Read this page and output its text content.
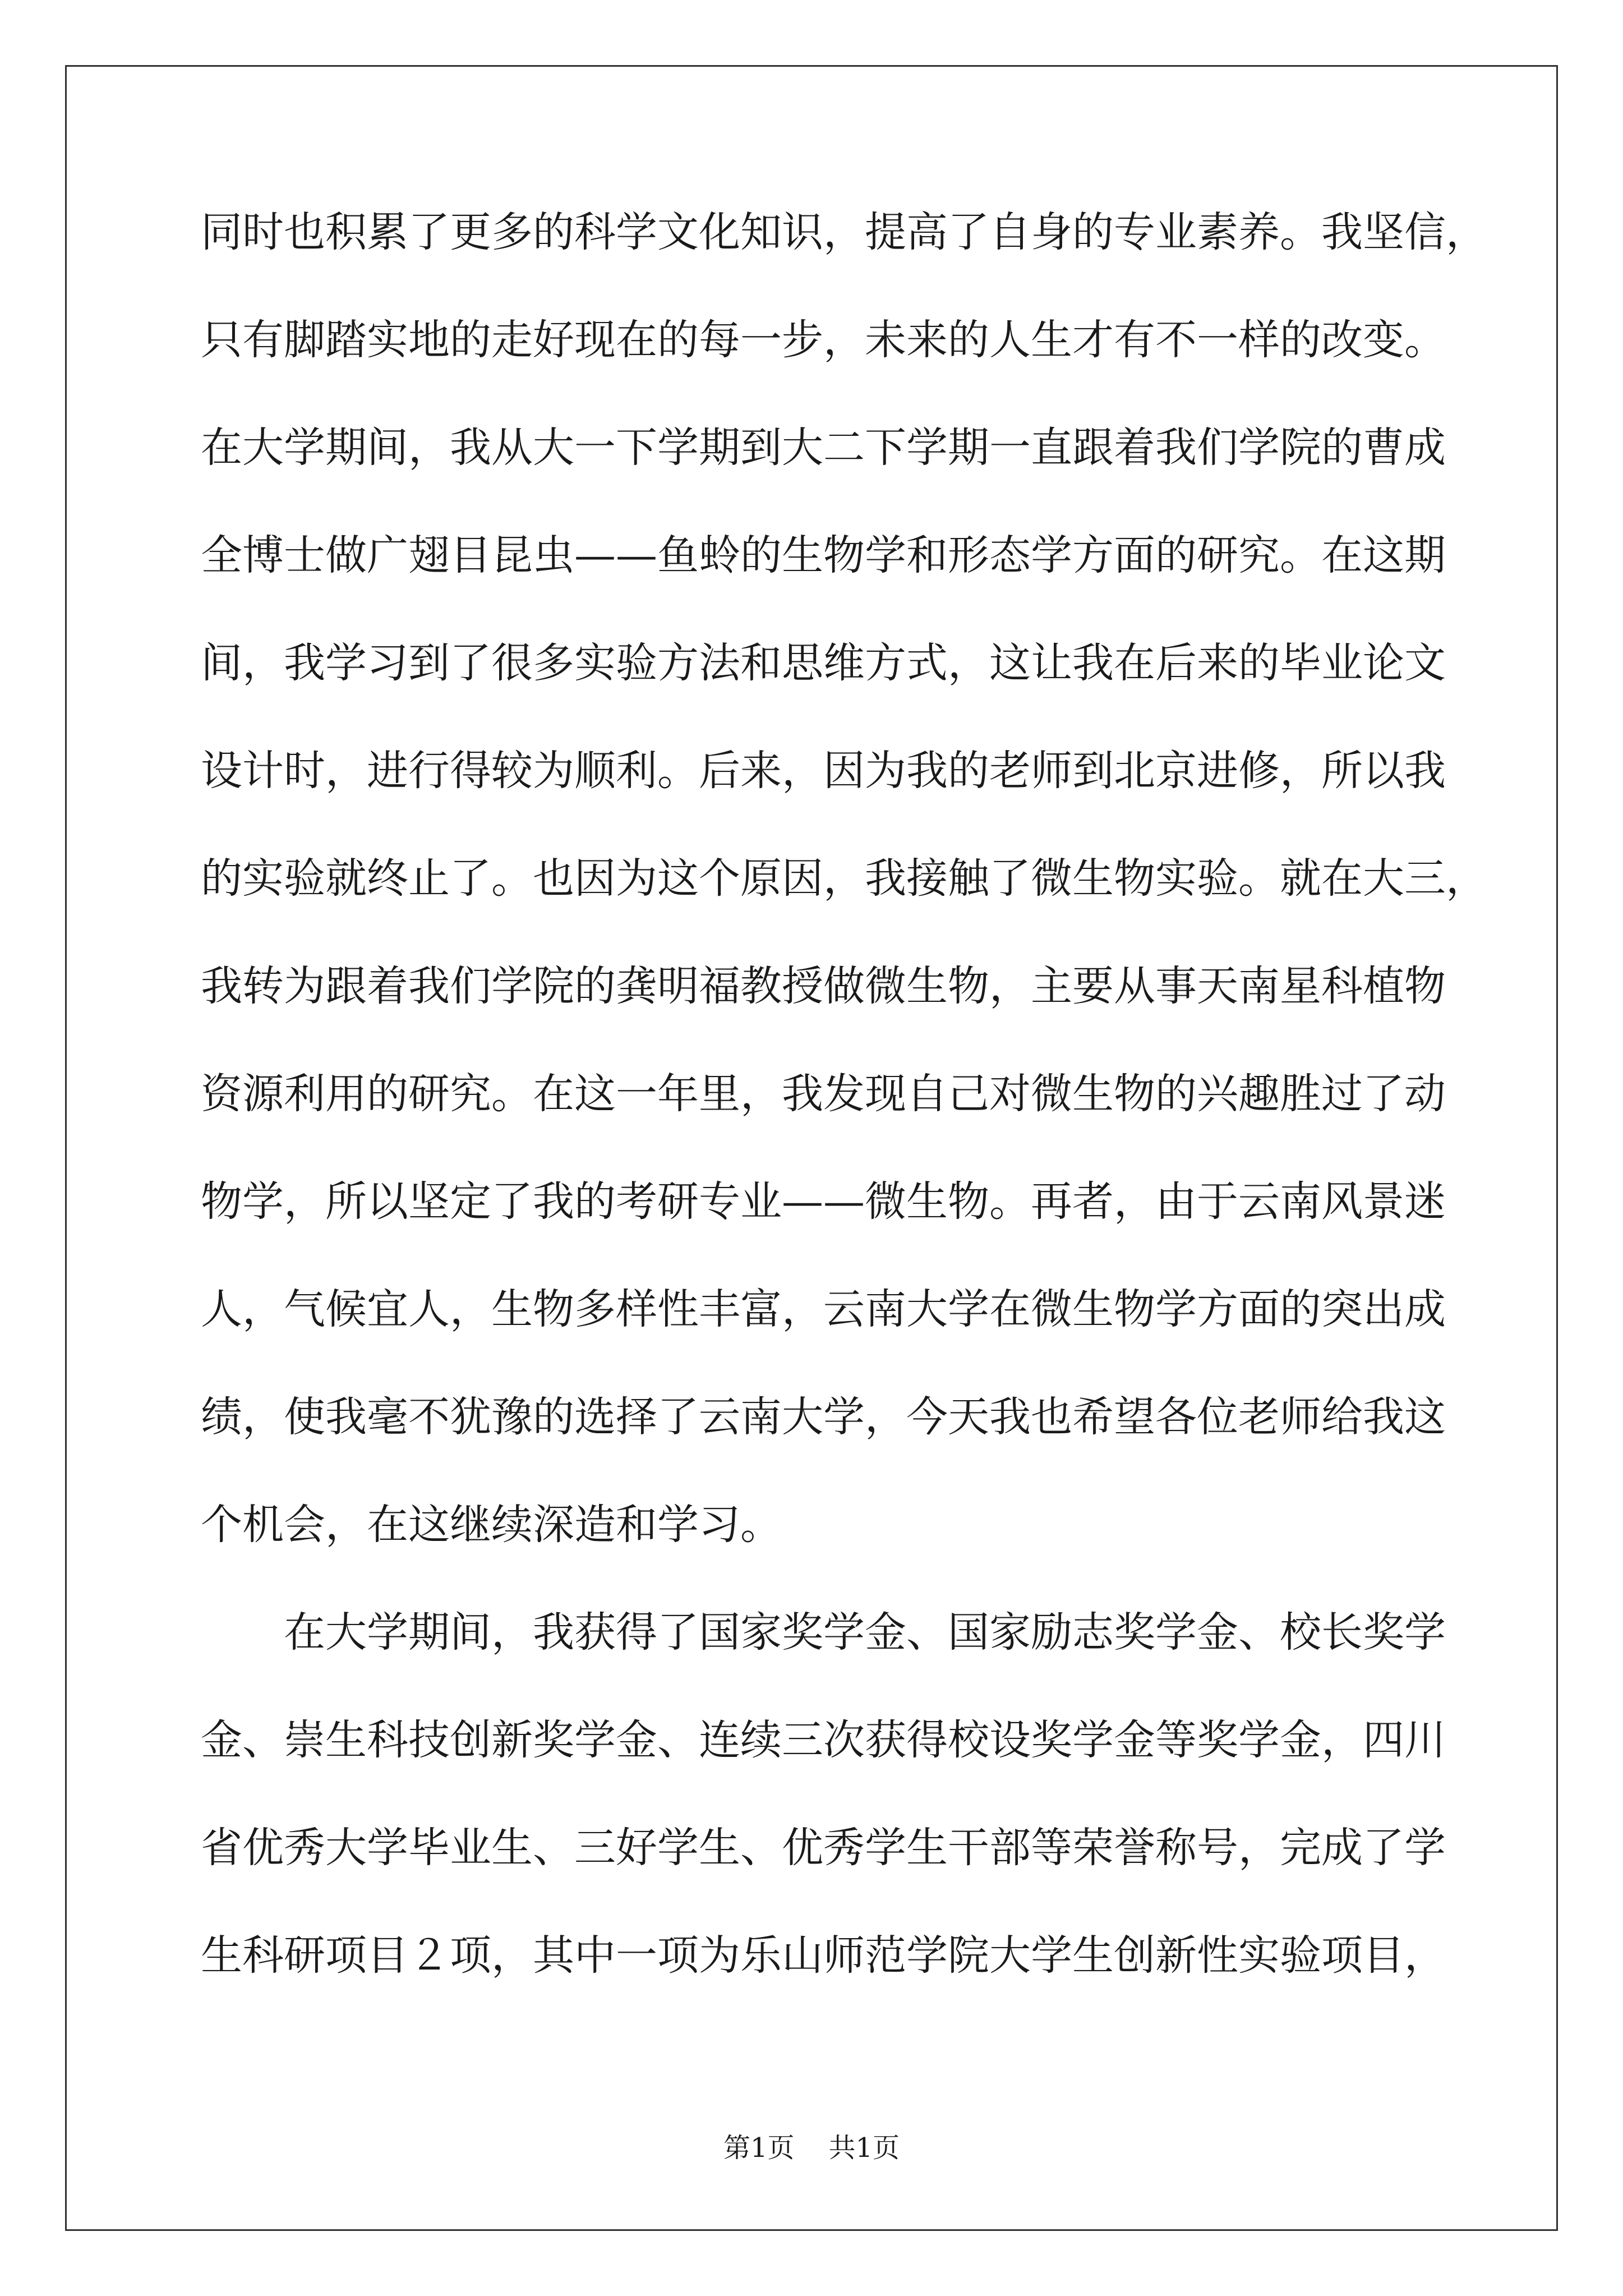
同时也积累了更多的科学文化知识，提高了自身的专业素养。我坚信，
只有脚踏实地的走好现在的每一步，未来的人生才有不一样的改变。
在大学期间，我从大一下学期到大二下学期一直跟着我们学院的曹成
全博士做广翅目昆虫——鱼蛉的生物学和形态学方面的研究。在这期
间，我学习到了很多实验方法和思维方式，这让我在后来的毕业论文
设计时，进行得较为顺利。后来，因为我的老师到北京进修，所以我
的实验就终止了。也因为这个原因，我接触了微生物实验。就在大三，
我转为跟着我们学院的龚明福教授做微生物，主要从事天南星科植物
资源利用的研究。在这一年里，我发现自己对微生物的兴趣胜过了动
物学，所以坚定了我的考研专业——微生物。再者，由于云南风景迷
人，气候宜人，生物多样性丰富，云南大学在微生物学方面的突出成
绩，使我毫不犹豫的选择了云南大学，今天我也希望各位老师给我这
个机会，在这继续深造和学习。
在大学期间，我获得了国家奖学金、国家励志奖学金、校长奖学
金、崇生科技创新奖学金、连续三次获得校设奖学金等奖学金，四川
省优秀大学毕业生、三好学生、优秀学生干部等荣誉称号，完成了学
生科研项目２项，其中一项为乐山师范学院大学生创新性实验项目，
第1页 共1页
